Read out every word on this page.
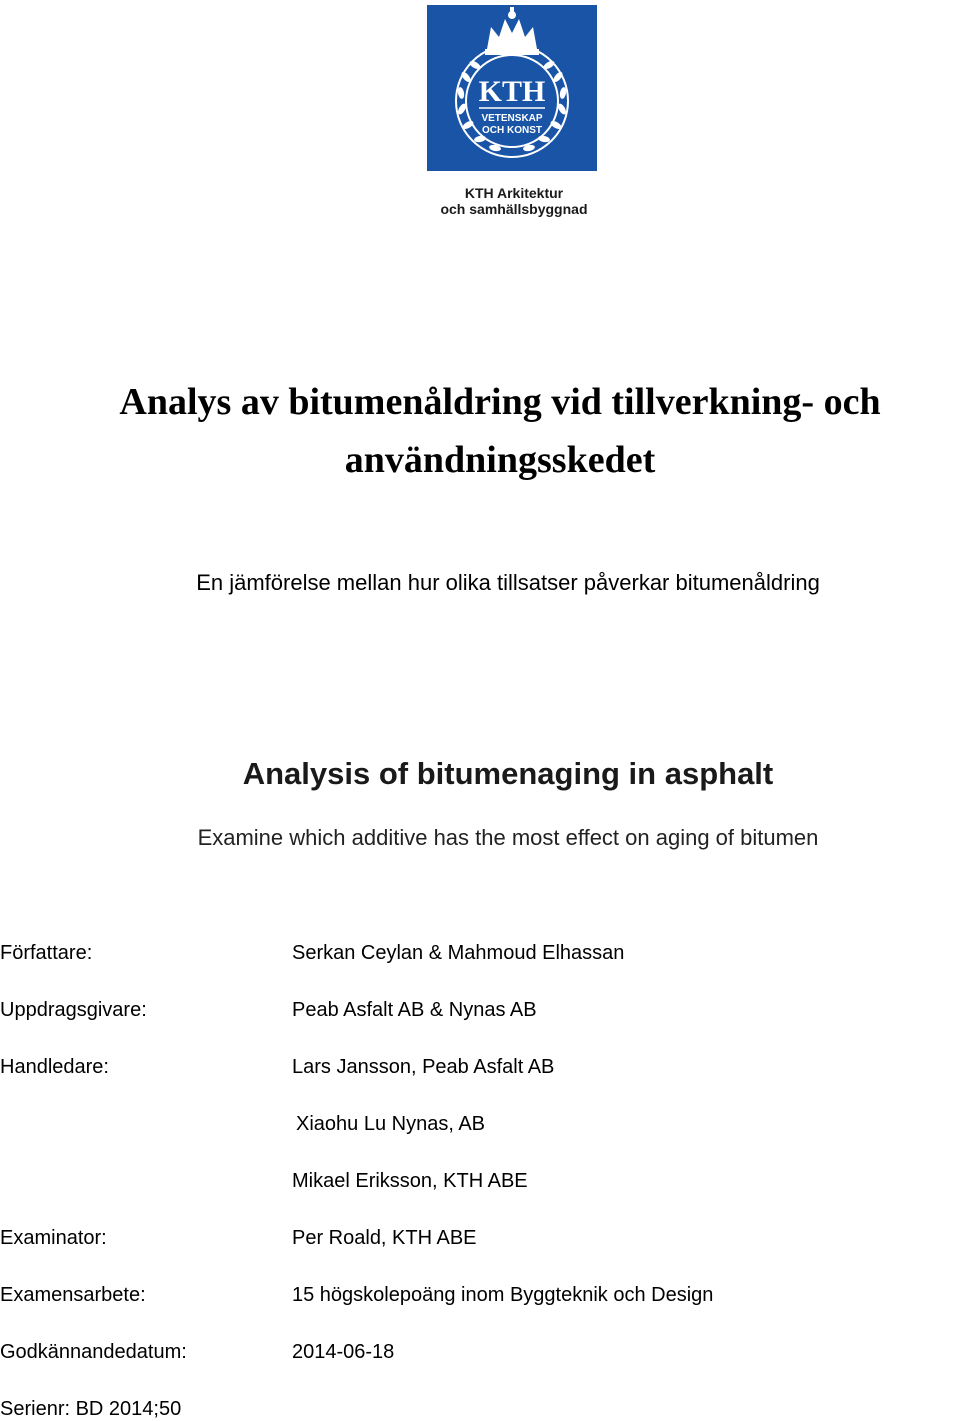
KTH
VETENSKAP
OCH KONST
KTH Arkitektur
och samhällsbyggnad
Analys av bitumenåldring vid tillverkning- och
användningsskedet
En jämförelse mellan hur olika tillsatser påverkar bitumenåldring
Analysis of bitumenaging in asphalt
Examine which additive has the most effect on aging of bitumen
Författare:	Serkan Ceylan & Mahmoud Elhassan
Uppdragsgivare:	Peab Asfalt AB & Nynas AB
Handledare:	Lars Jansson, Peab Asfalt AB
Xiaohu Lu Nynas, AB
Mikael Eriksson, KTH ABE
Examinator:	Per Roald, KTH ABE
Examensarbete:	15 högskolepoäng inom Byggteknik och Design
Godkännandedatum:	2014-06-18
Serienr: BD 2014;50
